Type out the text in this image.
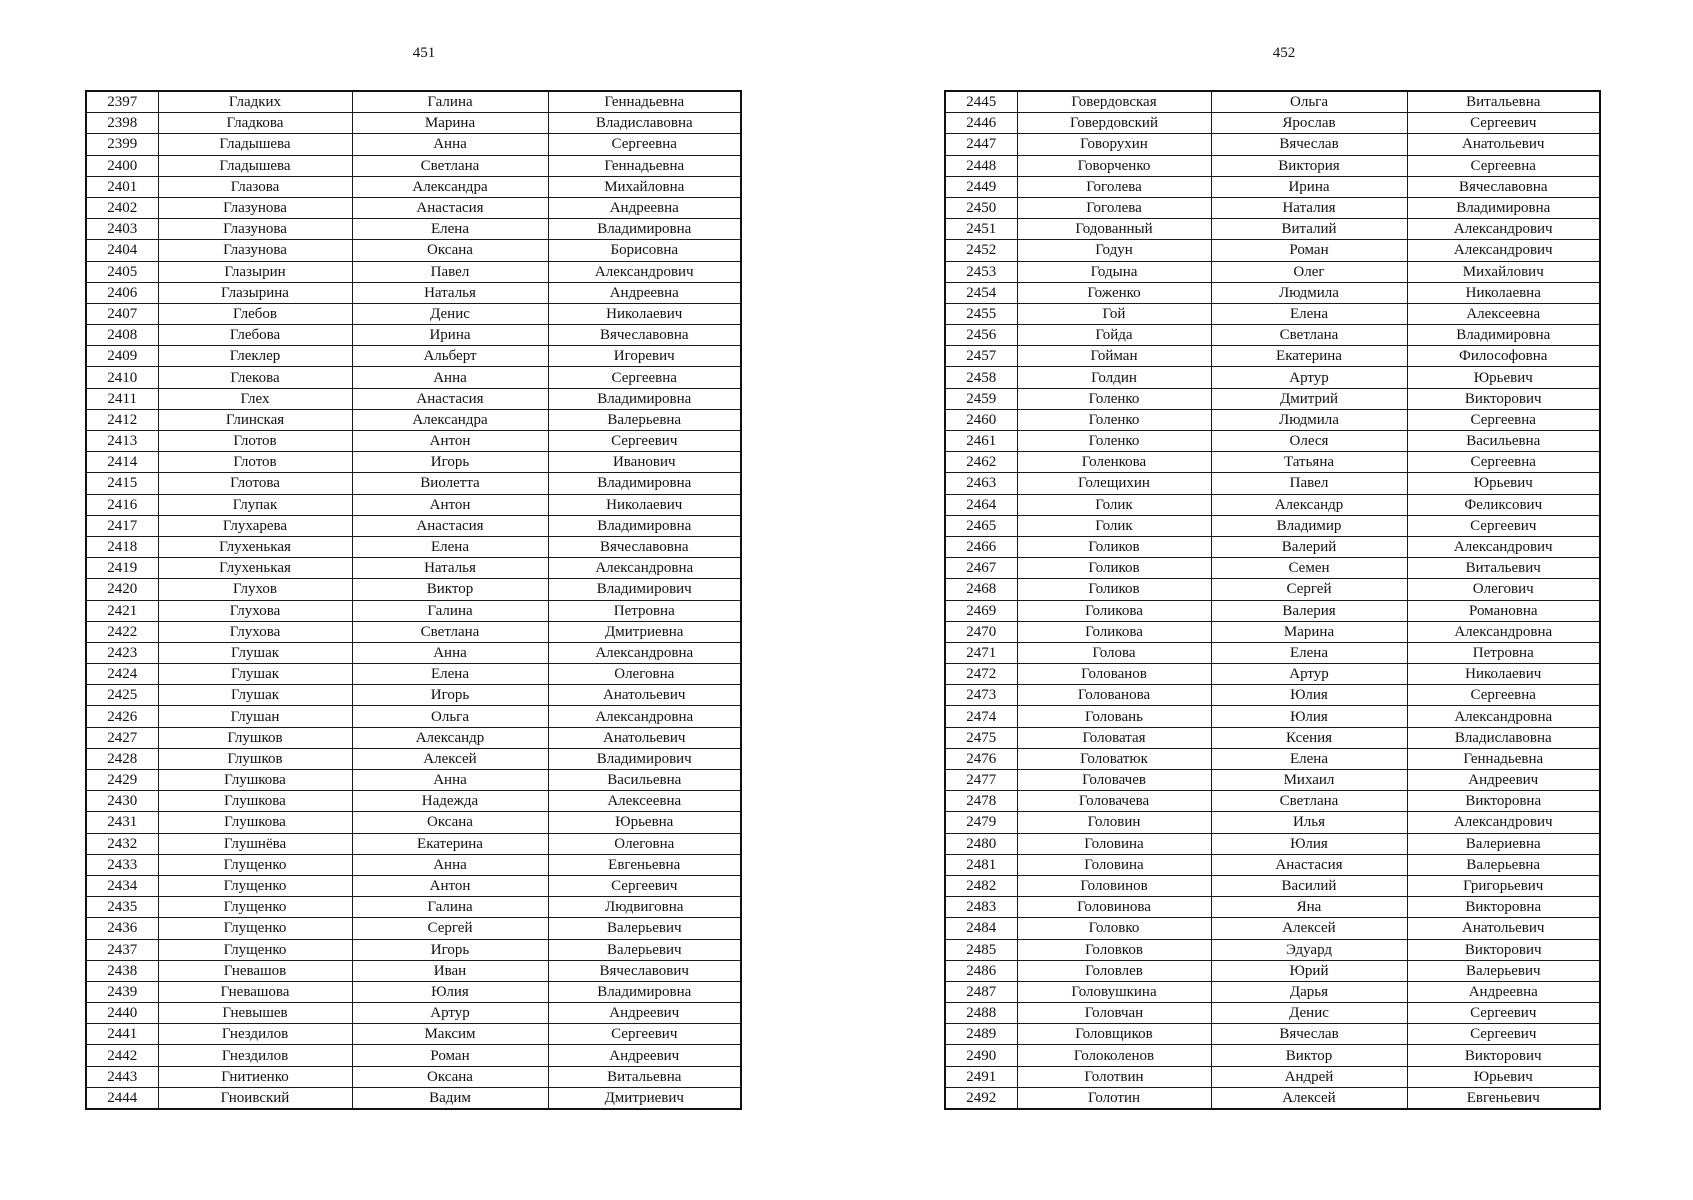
451	452
2397	Гладких	Галина	Геннадьевна
2398	Гладкова	Марина	Владиславовна
2399	Гладышева	Анна	Сергеевна
2400	Гладышева	Светлана	Геннадьевна
2401	Глазова	Александра	Михайловна
2402	Глазунова	Анастасия	Андреевна
2403	Глазунова	Елена	Владимировна
2404	Глазунова	Оксана	Борисовна
2405	Глазырин	Павел	Александрович
2406	Глазырина	Наталья	Андреевна
2407	Глебов	Денис	Николаевич
2408	Глебова	Ирина	Вячеславовна
2409	Глеклер	Альберт	Игоревич
2410	Глекова	Анна	Сергеевна
2411	Глех	Анастасия	Владимировна
2412	Глинская	Александра	Валерьевна
2413	Глотов	Антон	Сергеевич
2414	Глотов	Игорь	Иванович
2415	Глотова	Виолетта	Владимировна
2416	Глупак	Антон	Николаевич
2417	Глухарева	Анастасия	Владимировна
2418	Глухенькая	Елена	Вячеславовна
2419	Глухенькая	Наталья	Александровна
2420	Глухов	Виктор	Владимирович
2421	Глухова	Галина	Петровна
2422	Глухова	Светлана	Дмитриевна
2423	Глушак	Анна	Александровна
2424	Глушак	Елена	Олеговна
2425	Глушак	Игорь	Анатольевич
2426	Глушан	Ольга	Александровна
2427	Глушков	Александр	Анатольевич
2428	Глушков	Алексей	Владимирович
2429	Глушкова	Анна	Васильевна
2430	Глушкова	Надежда	Алексеевна
2431	Глушкова	Оксана	Юрьевна
2432	Глушнёва	Екатерина	Олеговна
2433	Глущенко	Анна	Евгеньевна
2434	Глущенко	Антон	Сергеевич
2435	Глущенко	Галина	Людвиговна
2436	Глущенко	Сергей	Валерьевич
2437	Глущенко	Игорь	Валерьевич
2438	Гневашов	Иван	Вячеславович
2439	Гневашова	Юлия	Владимировна
2440	Гневышев	Артур	Андреевич
2441	Гнездилов	Максим	Сергеевич
2442	Гнездилов	Роман	Андреевич
2443	Гнитиенко	Оксана	Витальевна
2444	Гноивский	Вадим	Дмитриевич
2445	Говердовская	Ольга	Витальевна
2446	Говердовский	Ярослав	Сергеевич
2447	Говорухин	Вячеслав	Анатольевич
2448	Говорченко	Виктория	Сергеевна
2449	Гоголева	Ирина	Вячеславовна
2450	Гоголева	Наталия	Владимировна
2451	Годованный	Виталий	Александрович
2452	Годун	Роман	Александрович
2453	Годына	Олег	Михайлович
2454	Гоженко	Людмила	Николаевна
2455	Гой	Елена	Алексеевна
2456	Гойда	Светлана	Владимировна
2457	Гойман	Екатерина	Философовна
2458	Голдин	Артур	Юрьевич
2459	Голенко	Дмитрий	Викторович
2460	Голенко	Людмила	Сергеевна
2461	Голенко	Олеся	Васильевна
2462	Голенкова	Татьяна	Сергеевна
2463	Голещихин	Павел	Юрьевич
2464	Голик	Александр	Феликсович
2465	Голик	Владимир	Сергеевич
2466	Голиков	Валерий	Александрович
2467	Голиков	Семен	Витальевич
2468	Голиков	Сергей	Олегович
2469	Голикова	Валерия	Романовна
2470	Голикова	Марина	Александровна
2471	Голова	Елена	Петровна
2472	Голованов	Артур	Николаевич
2473	Голованова	Юлия	Сергеевна
2474	Головань	Юлия	Александровна
2475	Головатая	Ксения	Владиславовна
2476	Головатюк	Елена	Геннадьевна
2477	Головачев	Михаил	Андреевич
2478	Головачева	Светлана	Викторовна
2479	Головин	Илья	Александрович
2480	Головина	Юлия	Валериевна
2481	Головина	Анастасия	Валерьевна
2482	Головинов	Василий	Григорьевич
2483	Головинова	Яна	Викторовна
2484	Головко	Алексей	Анатольевич
2485	Головков	Эдуард	Викторович
2486	Головлев	Юрий	Валерьевич
2487	Головушкина	Дарья	Андреевна
2488	Головчан	Денис	Сергеевич
2489	Головщиков	Вячеслав	Сергеевич
2490	Голоколенов	Виктор	Викторович
2491	Голотвин	Андрей	Юрьевич
2492	Голотин	Алексей	Евгеньевич
